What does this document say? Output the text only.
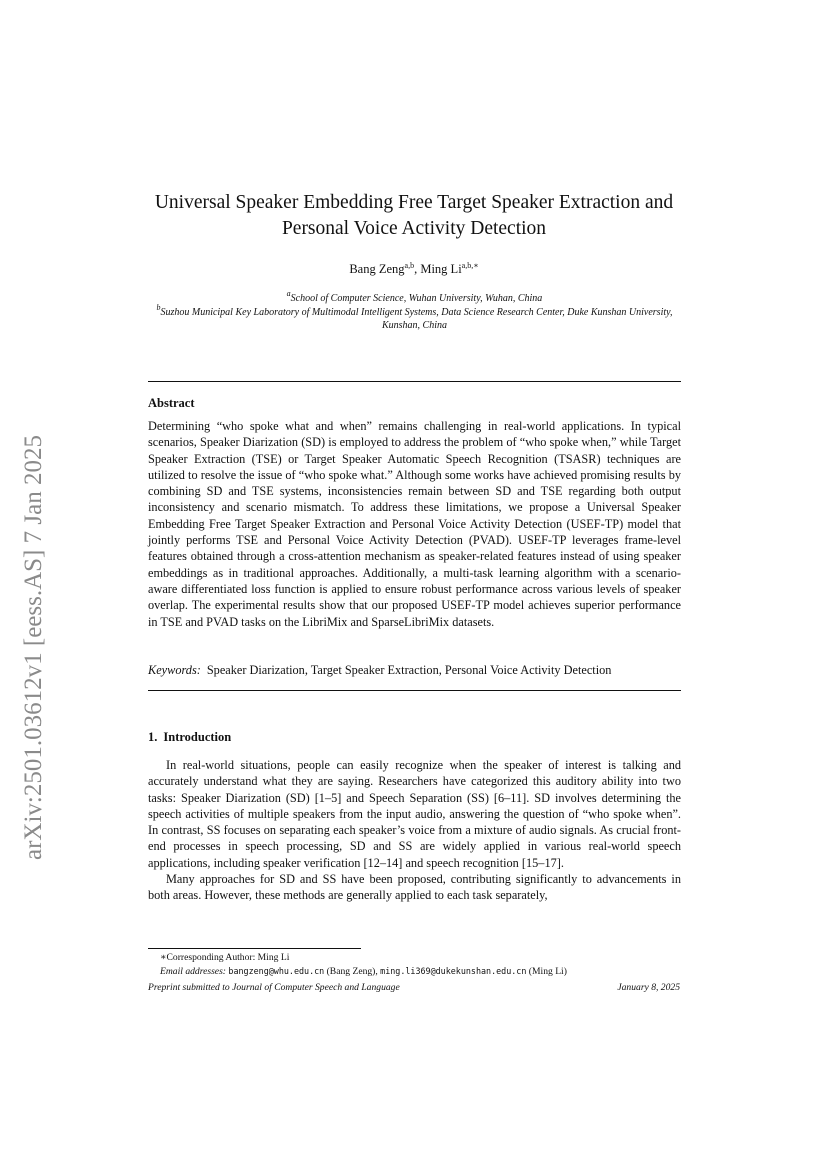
arXiv:2501.03612v1 [eess.AS] 7 Jan 2025
Universal Speaker Embedding Free Target Speaker Extraction and
Personal Voice Activity Detection
Bang Zeng$^{a,b}$, Ming $Li^{a,b,∗}$
$^a$School of Computer Science, Wuhan University, Wuhan, China
$^b$Suzhou Municipal Key Laboratory of Multimodal Intelligent Systems, Data Science Research Center, Duke Kunshan University, Kunshan, China
Abstract
Determining “who spoke what and when” remains challenging in real-world applications. In typical scenarios, Speaker Diarization (SD) is employed to address the problem of “who spoke when,” while Target Speaker Extraction (TSE) or Target Speaker Automatic Speech Recognition (TSASR) techniques are utilized to resolve the issue of “who spoke what.” Although some works have achieved promising results by combining SD and TSE systems, inconsistencies remain between SD and TSE regarding both output inconsistency and scenario mismatch. To address these limitations, we propose a Universal Speaker Embedding Free Target Speaker Extraction and Personal Voice Activity Detection (USEF-TP) model that jointly performs TSE and Personal Voice Activity Detection (PVAD). USEF-TP leverages frame-level features obtained through a cross-attention mechanism as speaker-related features instead of using speaker embeddings as in traditional approaches. Additionally, a multi-task learning algorithm with a scenario-aware differentiated loss function is applied to ensure robust performance across various levels of speaker overlap. The experimental results show that our proposed USEF-TP model achieves superior performance in TSE and PVAD tasks on the LibriMix and SparseLibriMix datasets.
Keywords: Speaker Diarization, Target Speaker Extraction, Personal Voice Activity Detection
1. Introduction

In real-world situations, people can easily recognize when the speaker of interest is talking and accurately understand what they are saying. Researchers have categorized this auditory ability into two tasks: Speaker Diarization (SD) [1–5] and Speech Separation (SS) [6–11]. SD involves determining the speech activities of multiple speakers from the input audio, answering the question of “who spoke when”. In contrast, SS focuses on separating each speaker’s voice from a mixture of audio signals. As crucial front-end processes in speech processing, SD and SS are widely applied in various real-world speech applications, including speaker verification [12–14] and speech recognition [15–17].

Many approaches for SD and SS have been proposed, contributing significantly to advancements in both areas. However, these methods are generally applied to each task separately,

∗Corresponding Author: Ming Li
Email addresses: bangzeng@whu.edu.cn (Bang Zeng), ming.li369@dukekunshan.edu.cn (Ming Li)
Preprint submitted to Journal of Computer Speech and Language	January 8, 2025
